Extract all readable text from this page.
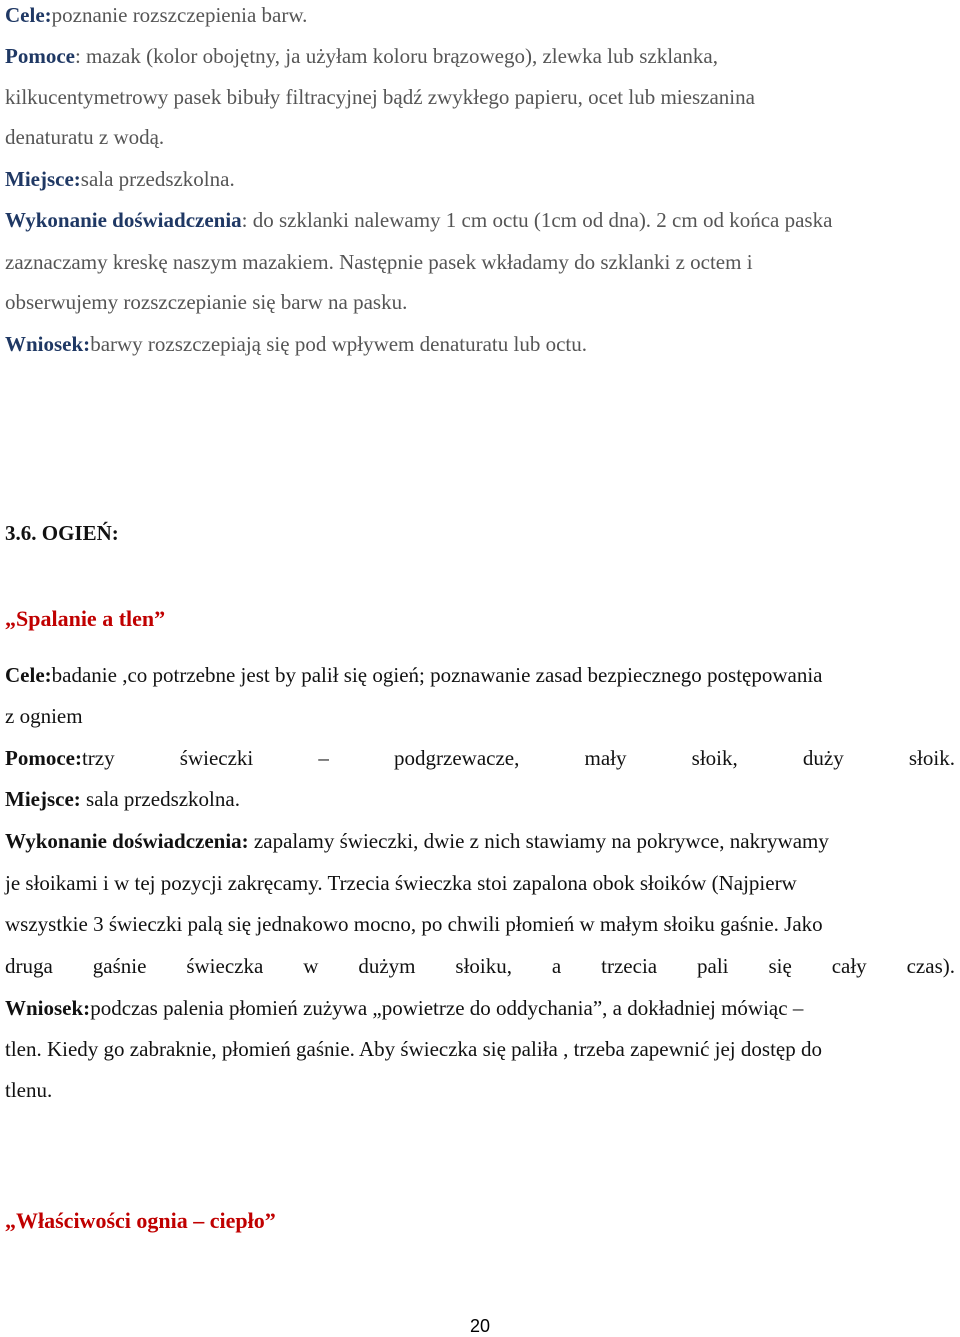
Cele:poznanie rozszczepienia barw.
Pomoce: mazak (kolor obojętny, ja użyłam koloru brązowego), zlewka lub szklanka,
kilkucentymetrowy pasek bibuły filtracyjnej bądź zwykłego papieru, ocet lub mieszanina
denaturatu z wodą.
Miejsce:sala przedszkolna.
Wykonanie doświadczenia: do szklanki nalewamy 1 cm octu (1cm od dna). 2 cm od końca paska
zaznaczamy kreskę naszym mazakiem. Następnie pasek wkładamy do szklanki z octem i
obserwujemy rozszczepianie się barw na pasku.
Wniosek:barwy rozszczepiają się pod wpływem denaturatu lub octu.
3.6. OGIEŃ:
„Spalanie a tlen”
Cele:badanie ,co potrzebne jest by palił się ogień; poznawanie zasad bezpiecznego postępowania
z ogniem
Pomoce:trzy	świeczki	–	podgrzewacze,	mały	słoik,	duży	słoik.
Miejsce: sala przedszkolna.
Wykonanie doświadczenia: zapalamy świeczki, dwie z nich stawiamy na pokrywce, nakrywamy
je słoikami i w tej pozycji zakręcamy. Trzecia świeczka stoi zapalona obok słoików (Najpierw
wszystkie 3 świeczki palą się jednakowo mocno, po chwili płomień w małym słoiku gaśnie. Jako
druga gaśnie świeczka w dużym słoiku, a trzecia pali się cały czas).
Wniosek:podczas palenia płomień zużywa „powietrze do oddychania”, a dokładniej mówiąc –
tlen. Kiedy go zabraknie, płomień gaśnie. Aby świeczka się paliła , trzeba zapewnić jej dostęp do
tlenu.
„Właściwości ognia – ciepło”
20
